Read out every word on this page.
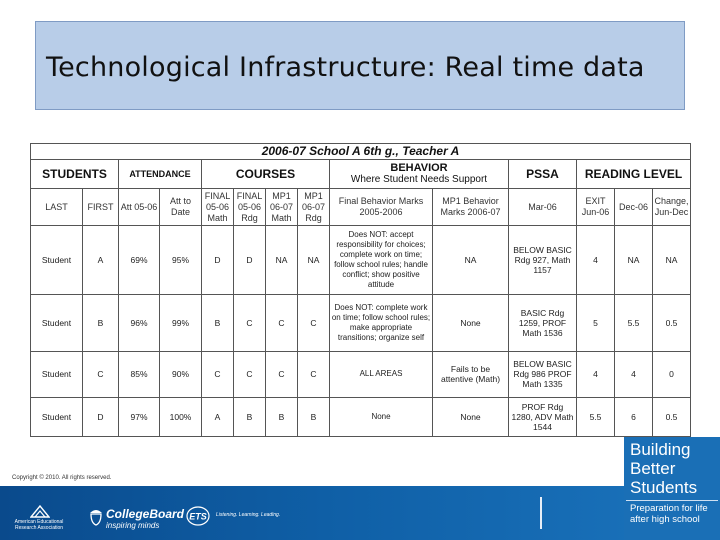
Technological Infrastructure: Real time data
2006-07 School A 6th g., Teacher A													
STUDENTS		ATTENDANCE		COURSES				BEHAVIOR
Where Student Needs Support		PSSA	READING LEVEL		
LAST	FIRST	Att 05-06	Att to Date	FINAL 05-06 Math	FINAL 05-06 Rdg	MP1 06-07 Math	MP1 06-07 Rdg	Final Behavior Marks 2005-2006	MP1 Behavior Marks 2006-07	Mar-06	EXIT Jun-06	Dec-06	Change, Jun-Dec
Student	A	69%	95%	D	D	NA	NA	Does NOT: accept responsibility for choices; complete work on time; follow school rules; handle conflict; show positive attitude	NA	BELOW BASIC Rdg 927, Math 1157	4	NA	NA
Student	B	96%	99%	B	C	C	C	Does NOT: complete work on time; follow school rules; make appropriate transitions; organize self	None	BASIC Rdg 1259, PROF Math 1536	5	5.5	0.5
Student	C	85%	90%	C	C	C	C	ALL AREAS	Fails to be attentive (Math)	BELOW BASIC Rdg 986 PROF Math 1335	4	4	0
Student	D	97%	100%	A	B	B	B	None	None	PROF Rdg 1280, ADV Math 1544	5.5	6	0.5
Copyright © 2010. All rights reserved.
American Educational Research Association
CollegeBoard
inspiring minds
ETS Listening. Learning. Leading.
Building
Better
Students
Preparation for life after high school
